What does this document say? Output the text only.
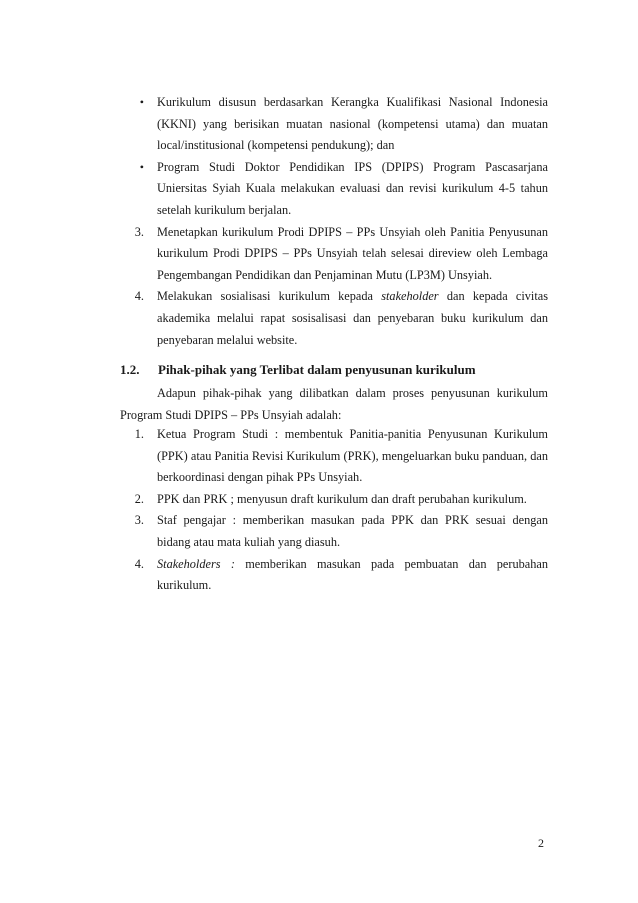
• Kurikulum disusun berdasarkan Kerangka Kualifikasi Nasional Indonesia (KKNI) yang berisikan muatan nasional (kompetensi utama) dan muatan local/institusional (kompetensi pendukung); dan
• Program Studi Doktor Pendidikan IPS (DPIPS) Program Pascasarjana Uniersitas Syiah Kuala melakukan evaluasi dan revisi kurikulum 4-5 tahun setelah kurikulum berjalan.
3. Menetapkan kurikulum Prodi DPIPS – PPs Unsyiah oleh Panitia Penyusunan kurikulum Prodi DPIPS – PPs Unsyiah telah selesai direview oleh Lembaga Pengembangan Pendidikan dan Penjaminan Mutu (LP3M) Unsyiah.
4. Melakukan sosialisasi kurikulum kepada stakeholder dan kepada civitas akademika melalui rapat sosisalisasi dan penyebaran buku kurikulum dan penyebaran melalui website.
1.2. Pihak-pihak yang Terlibat dalam penyusunan kurikulum
Adapun pihak-pihak yang dilibatkan dalam proses penyusunan kurikulum Program Studi DPIPS – PPs Unsyiah adalah:
1. Ketua Program Studi : membentuk Panitia-panitia Penyusunan Kurikulum (PPK) atau Panitia Revisi Kurikulum (PRK), mengeluarkan buku panduan, dan berkoordinasi dengan pihak PPs Unsyiah.
2. PPK dan PRK ; menyusun draft kurikulum dan draft perubahan kurikulum.
3. Staf pengajar : memberikan masukan pada PPK dan PRK sesuai dengan bidang atau mata kuliah yang diasuh.
4. Stakeholders : memberikan masukan pada pembuatan dan perubahan kurikulum.
2
